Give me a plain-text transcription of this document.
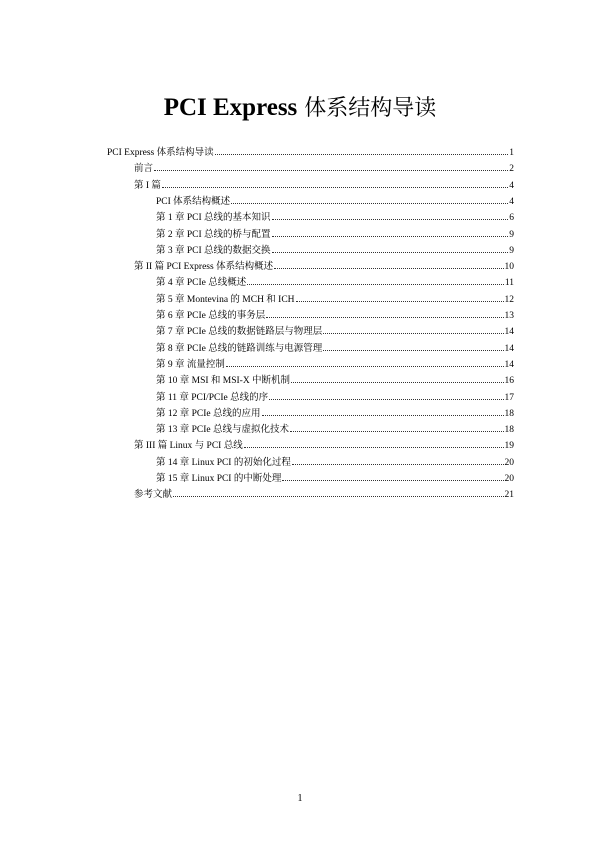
PCI Express 体系结构导读
PCI Express 体系结构导读	1
前言	2
第 I 篇	4
PCI 体系结构概述	4
第 1 章 PCI 总线的基本知识	6
第 2 章 PCI 总线的桥与配置	9
第 3 章 PCI 总线的数据交换	9
第 II 篇 PCI Express 体系结构概述	10
第 4 章 PCIe 总线概述	11
第 5 章 Montevina 的 MCH 和 ICH	12
第 6 章 PCIe 总线的事务层	13
第 7 章 PCIe 总线的数据链路层与物理层	14
第 8 章 PCIe 总线的链路训练与电源管理	14
第 9 章 流量控制	14
第 10 章 MSI 和 MSI-X 中断机制	16
第 11 章 PCI/PCIe 总线的序	17
第 12 章 PCIe 总线的应用	18
第 13 章 PCIe 总线与虚拟化技术	18
第 III 篇 Linux 与 PCI 总线	19
第 14 章 Linux PCI 的初始化过程	20
第 15 章 Linux PCI 的中断处理	20
参考文献	21
1
